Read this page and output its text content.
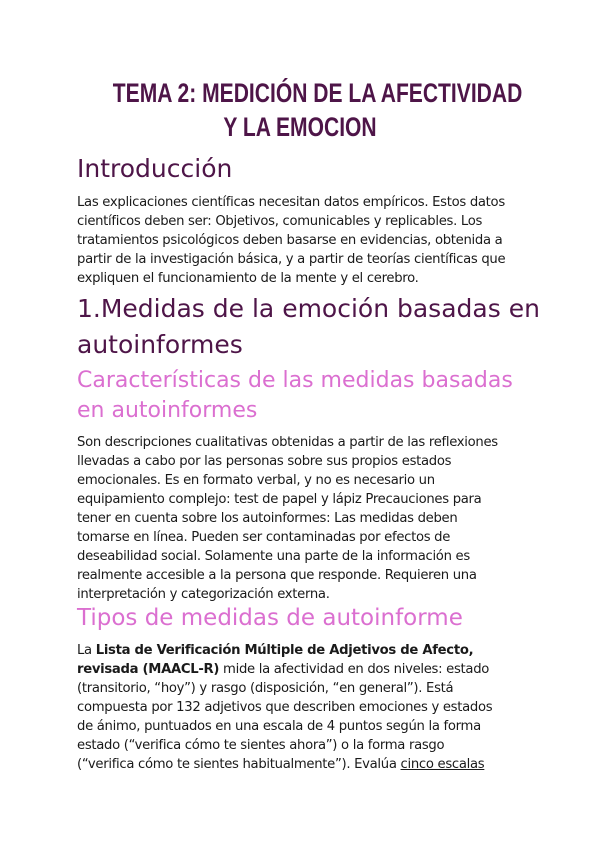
TEMA 2: MEDICIÓN DE LA AFECTIVIDAD
Y LA EMOCION
Introducción
Las explicaciones científicas necesitan datos empíricos. Estos datos
científicos deben ser: Objetivos, comunicables y replicables. Los
tratamientos psicológicos deben basarse en evidencias, obtenida a
partir de la investigación básica, y a partir de teorías científicas que
expliquen el funcionamiento de la mente y el cerebro.
1.Medidas de la emoción basadas en
autoinformes
Características de las medidas basadas
en autoinformes
Son descripciones cualitativas obtenidas a partir de las reflexiones
llevadas a cabo por las personas sobre sus propios estados
emocionales. Es en formato verbal, y no es necesario un
equipamiento complejo: test de papel y lápiz Precauciones para
tener en cuenta sobre los autoinformes: Las medidas deben
tomarse en línea. Pueden ser contaminadas por efectos de
deseabilidad social. Solamente una parte de la información es
realmente accesible a la persona que responde. Requieren una
interpretación y categorización externa.
Tipos de medidas de autoinforme
La Lista de Verificación Múltiple de Adjetivos de Afecto,
revisada (MAACL-R) mide la afectividad en dos niveles: estado
(transitorio, “hoy”) y rasgo (disposición, “en general”). Está
compuesta por 132 adjetivos que describen emociones y estados
de ánimo, puntuados en una escala de 4 puntos según la forma
estado (“verifica cómo te sientes ahora”) o la forma rasgo
(“verifica cómo te sientes habitualmente”). Evalúa cinco escalas
